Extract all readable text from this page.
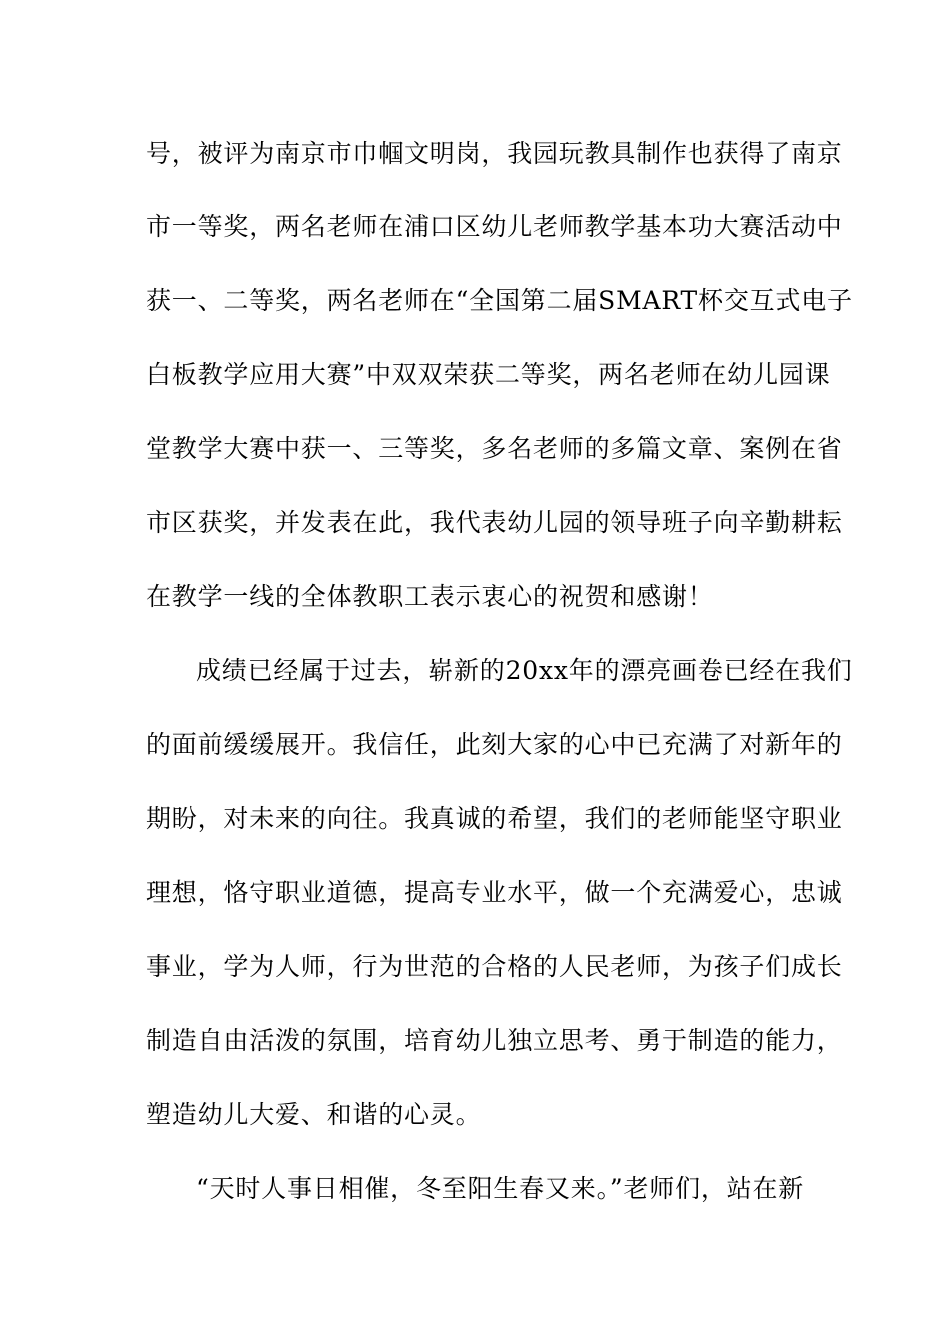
号，被评为南京市巾帼文明岗，我园玩教具制作也获得了南京
市一等奖，两名老师在浦口区幼儿老师教学基本功大赛活动中
获一、二等奖，两名老师在“全国第二届SMART杯交互式电子
白板教学应用大赛”中双双荣获二等奖，两名老师在幼儿园课
堂教学大赛中获一、三等奖，多名老师的多篇文章、案例在省
市区获奖，并发表在此，我代表幼儿园的领导班子向辛勤耕耘
在教学一线的全体教职工表示衷心的祝贺和感谢！
成绩已经属于过去，崭新的20xx年的漂亮画卷已经在我们
的面前缓缓展开。我信任，此刻大家的心中已充满了对新年的
期盼，对未来的向往。我真诚的希望，我们的老师能坚守职业
理想，恪守职业道德，提高专业水平，做一个充满爱心，忠诚
事业，学为人师，行为世范的合格的人民老师，为孩子们成长
制造自由活泼的氛围，培育幼儿独立思考、勇于制造的能力，
塑造幼儿大爱、和谐的心灵。
“天时人事日相催，冬至阳生春又来。”老师们，站在新
